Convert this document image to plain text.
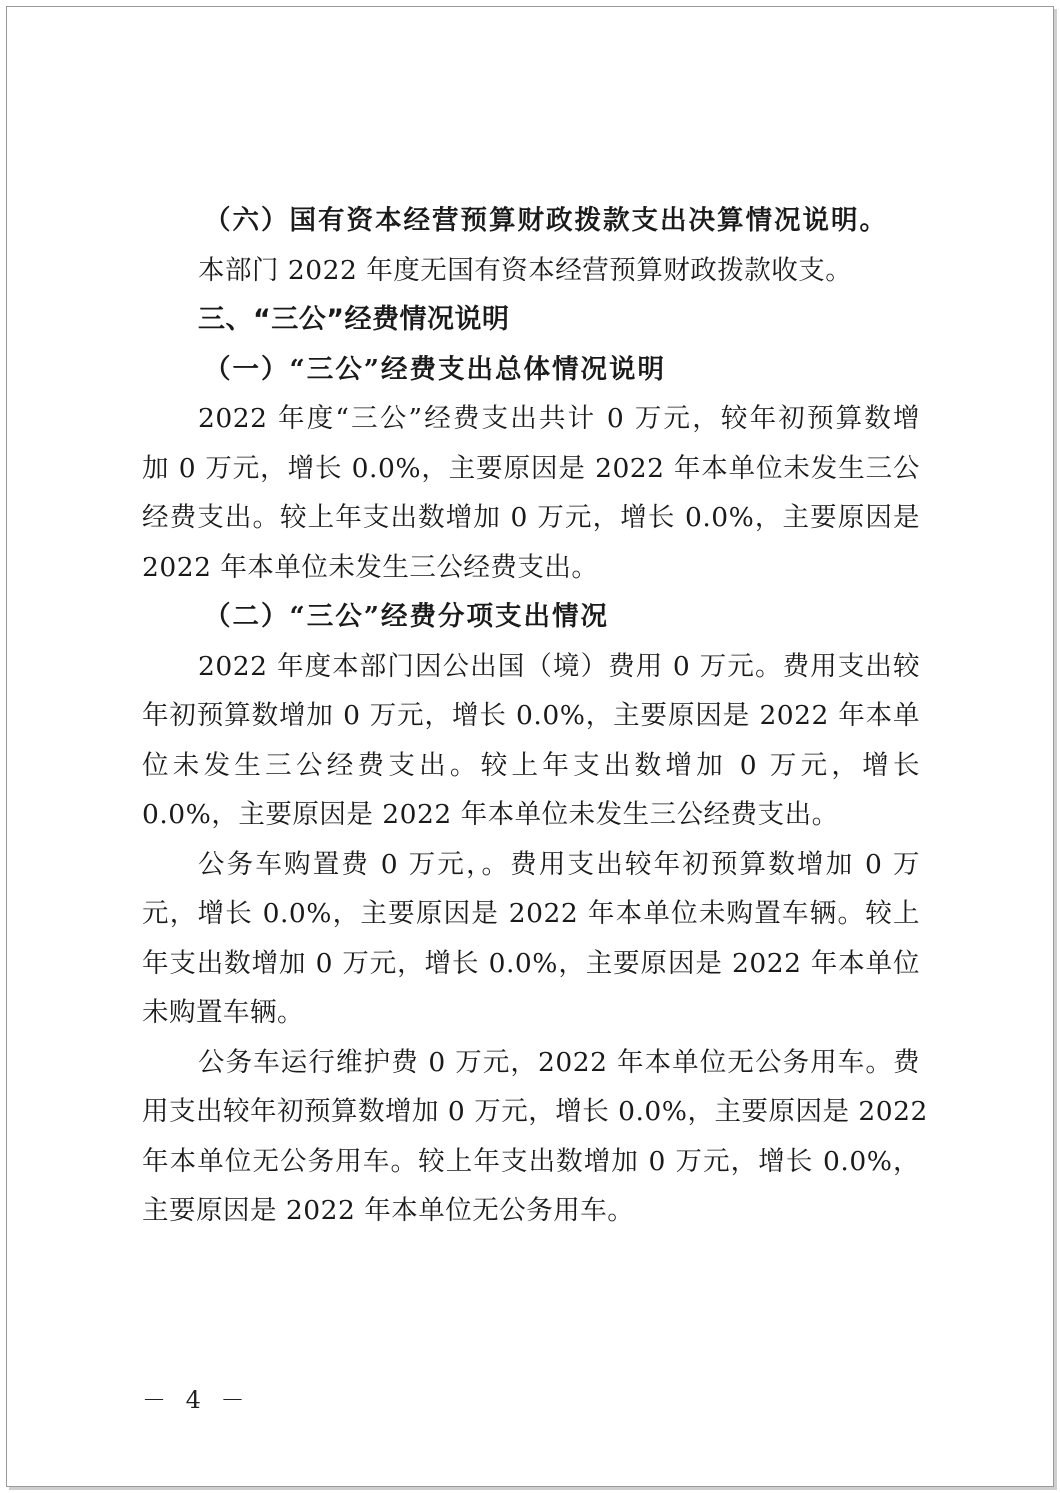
（六）国有资本经营预算财政拨款支出决算情况说明。
本部门 2022 年度无国有资本经营预算财政拨款收支。
三、“三公”经费情况说明
（一）“三公”经费支出总体情况说明
2022 年度“三公”经费支出共计 0 万元，较年初预算数增
加 0 万元，增长 0.0%，主要原因是 2022 年本单位未发生三公
经费支出。较上年支出数增加 0 万元，增长 0.0%，主要原因是
2022 年本单位未发生三公经费支出。
（二）“三公”经费分项支出情况
2022 年度本部门因公出国（境）费用 0 万元。费用支出较
年初预算数增加 0 万元，增长 0.0%，主要原因是 2022 年本单
位未发生三公经费支出。较上年支出数增加 0 万元，增长
0.0%，主要原因是 2022 年本单位未发生三公经费支出。
公务车购置费 0 万元，。费用支出较年初预算数增加 0 万
元，增长 0.0%，主要原因是 2022 年本单位未购置车辆。较上
年支出数增加 0 万元，增长 0.0%，主要原因是 2022 年本单位
未购置车辆。
公务车运行维护费 0 万元，2022 年本单位无公务用车。费
用支出较年初预算数增加 0 万元，增长 0.0%，主要原因是 2022
年本单位无公务用车。较上年支出数增加 0 万元，增长 0.0%，
主要原因是 2022 年本单位无公务用车。
－ 4 －
